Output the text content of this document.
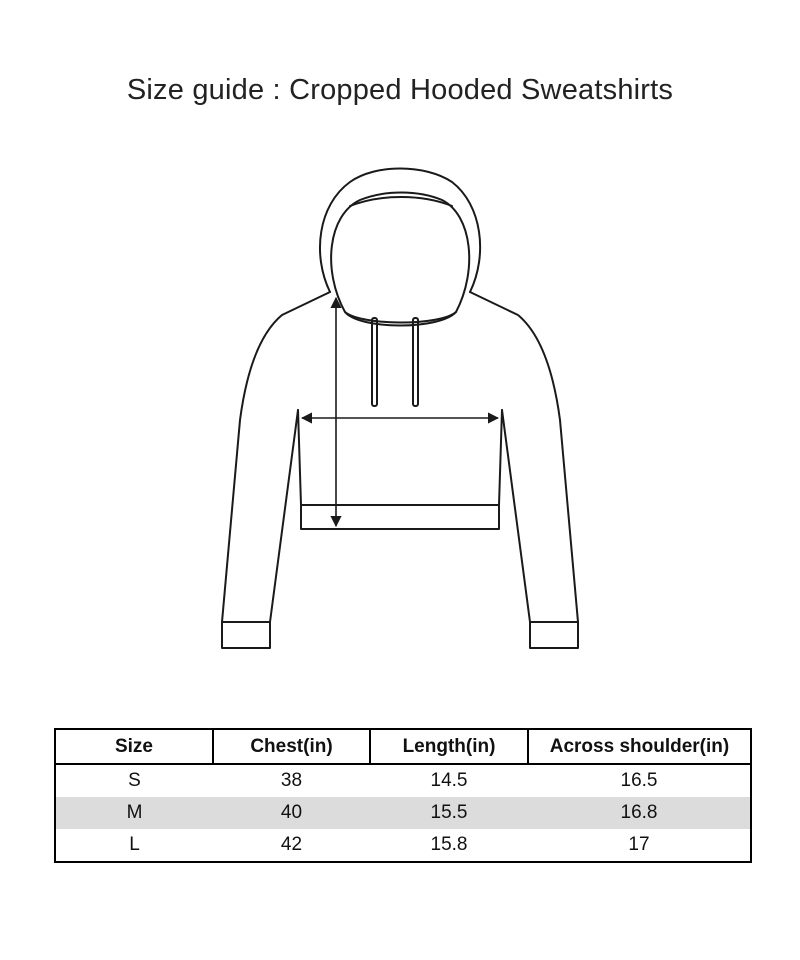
Size guide : Cropped Hooded Sweatshirts
Size	Chest(in)	Length(in)	Across shoulder(in)
S	38	14.5	16.5
M	40	15.5	16.8
L	42	15.8	17
